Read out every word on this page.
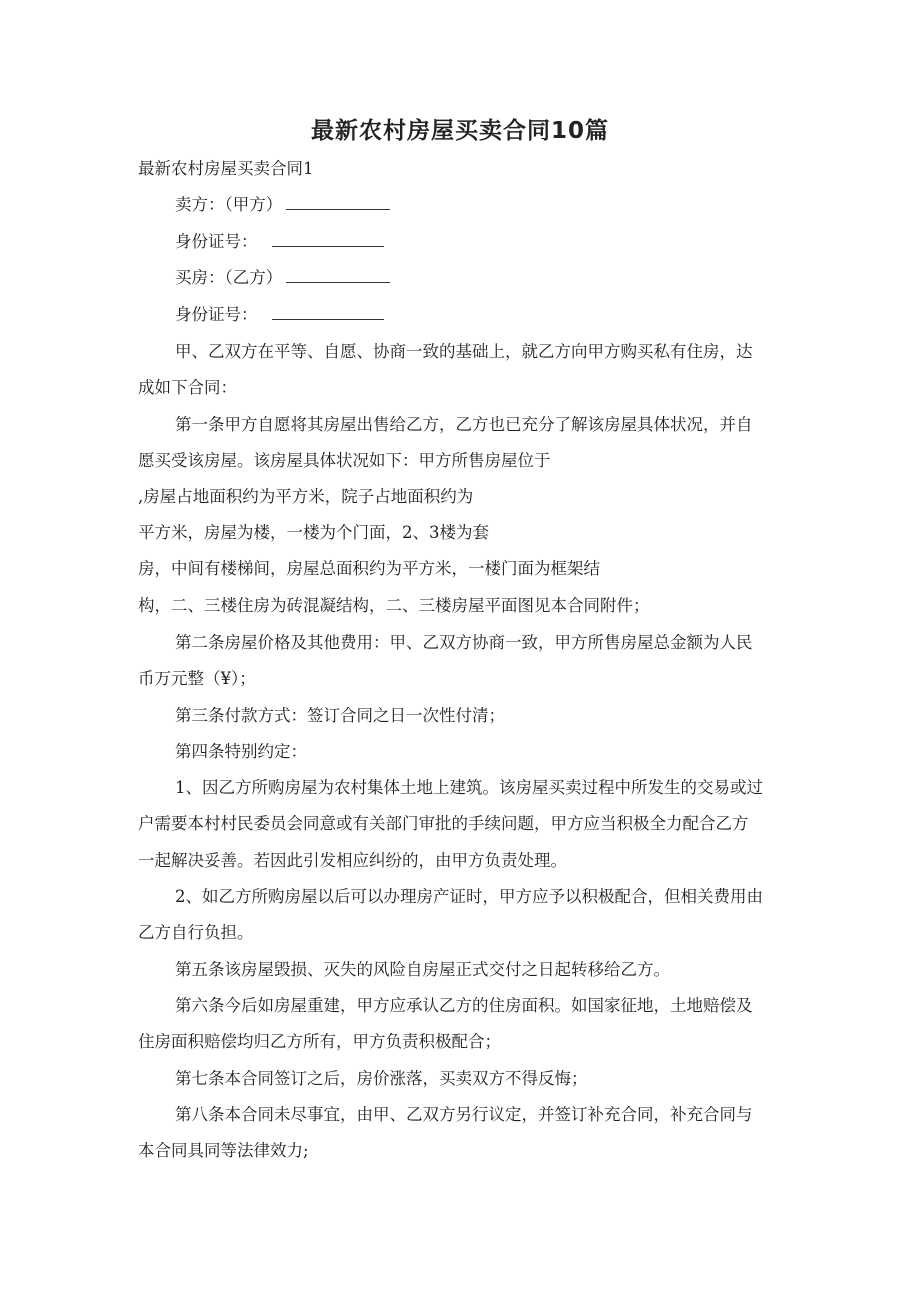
最新农村房屋买卖合同10篇
最新农村房屋买卖合同1
卖方：（甲方）
身份证号：
买房：（乙方）
身份证号：
甲、乙双方在平等、自愿、协商一致的基础上，就乙方向甲方购买私有住房，达
成如下合同：
第一条甲方自愿将其房屋出售给乙方，乙方也已充分了解该房屋具体状况，并自
愿买受该房屋。该房屋具体状况如下：甲方所售房屋位于
,房屋占地面积约为平方米，院子占地面积约为
平方米，房屋为楼，一楼为个门面，2、3楼为套
房，中间有楼梯间，房屋总面积约为平方米，一楼门面为框架结
构，二、三楼住房为砖混凝结构，二、三楼房屋平面图见本合同附件；
第二条房屋价格及其他费用：甲、乙双方协商一致，甲方所售房屋总金额为人民
币万元整（¥）；
第三条付款方式：签订合同之日一次性付清；
第四条特别约定：
1、因乙方所购房屋为农村集体土地上建筑。该房屋买卖过程中所发生的交易或过
户需要本村村民委员会同意或有关部门审批的手续问题，甲方应当积极全力配合乙方
一起解决妥善。若因此引发相应纠纷的，由甲方负责处理。
2、如乙方所购房屋以后可以办理房产证时，甲方应予以积极配合，但相关费用由
乙方自行负担。
第五条该房屋毁损、灭失的风险自房屋正式交付之日起转移给乙方。
第六条今后如房屋重建，甲方应承认乙方的住房面积。如国家征地，土地赔偿及
住房面积赔偿均归乙方所有，甲方负责积极配合；
第七条本合同签订之后，房价涨落，买卖双方不得反悔；
第八条本合同未尽事宜，由甲、乙双方另行议定，并签订补充合同，补充合同与
本合同具同等法律效力;
